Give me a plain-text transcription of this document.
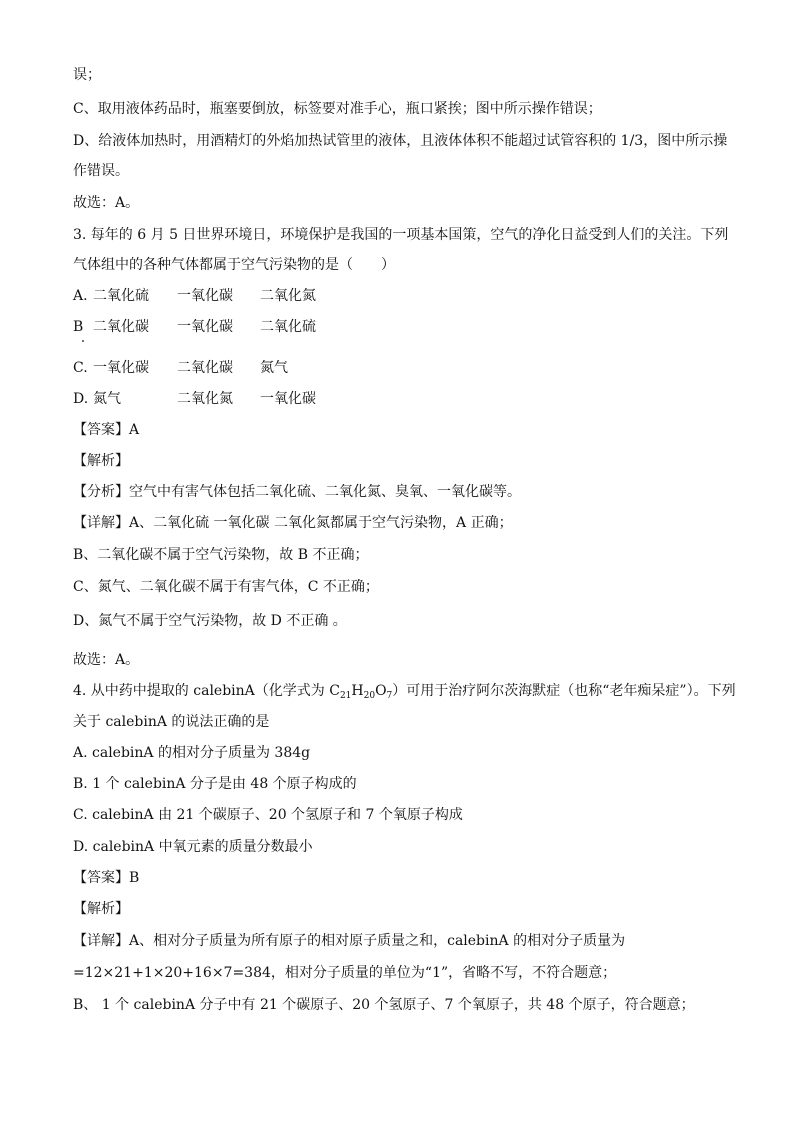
误；
C、取用液体药品时，瓶塞要倒放，标签要对准手心，瓶口紧挨；图中所示操作错误；
D、给液体加热时，用酒精灯的外焰加热试管里的液体，且液体体积不能超过试管容积的 1/3，图中所示操
作错误。
故选：A。
3. 每年的 6 月 5 日世界环境日，环境保护是我国的一项基本国策，空气的净化日益受到人们的关注。下列
气体组中的各种气体都属于空气污染物的是（　　）
A. 二氧化硫 一氧化碳 二氧化氮
B 二氧化碳 一氧化碳 二氧化硫
C. 一氧化碳 二氧化碳 氮气
D. 氮气	二氧化氮 一氧化碳
【答案】A
【解析】
【分析】空气中有害气体包括二氧化硫、二氧化氮、臭氧、一氧化碳等。
【详解】A、二氧化硫 一氧化碳 二氧化氮都属于空气污染物，A 正确；
B、二氧化碳不属于空气污染物，故 B 不正确；
C、氮气、二氧化碳不属于有害气体，C 不正确；
D、氮气不属于空气污染物，故 D 不正确 。
故选：A。
4. 从中药中提取的 calebinA（化学式为 $C_{21}H_{20}O_7$）可用于治疗阿尔茨海默症（也称“老年痴呆症”）。下列
关于 calebinA 的说法正确的是
A. calebinA 的相对分子质量为 384g
B. 1 个 calebinA 分子是由 48 个原子构成的
C. calebinA 由 21 个碳原子、20 个氢原子和 7 个氧原子构成
D. calebinA 中氧元素的质量分数最小
【答案】B
【解析】
【详解】A、相对分子质量为所有原子的相对原子质量之和，calebinA 的相对分子质量为
=12×21+1×20+16×7=384，相对分子质量的单位为“1”，省略不写，不符合题意；
B、 1 个 calebinA 分子中有 21 个碳原子、20 个氢原子、7 个氧原子，共 48 个原子，符合题意；
